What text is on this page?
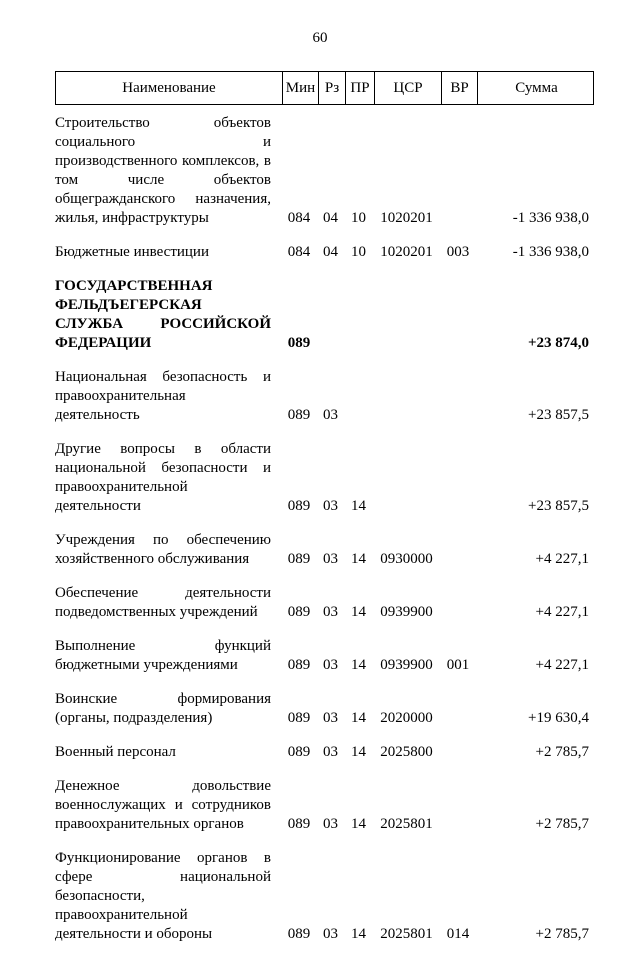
60
Наименование	Мин Рз ПР	ЦСР	ВР	Сумма
Строительство объектов социального и производственного комплексов, в том числе объектов общегражданского назначения, жилья, инфраструктуры	084 04 10 1020201	-1 336 938,0
Бюджетные инвестиции	084 04 10 1020201 003	-1 336 938,0
ГОСУДАРСТВЕННАЯ ФЕЛЬДЪЕГЕРСКАЯ СЛУЖБА РОССИЙСКОЙ ФЕДЕРАЦИИ	089	+23 874,0
Национальная безопасность и правоохранительная деятельность	089 03	+23 857,5
Другие вопросы в области национальной безопасности и правоохранительной деятельности	089 03 14	+23 857,5
Учреждения по обеспечению хозяйственного обслуживания	089 03 14 0930000	+4 227,1
Обеспечение деятельности подведомственных учреждений	089 03 14 0939900	+4 227,1
Выполнение функций бюджетными учреждениями	089 03 14 0939900 001	+4 227,1
Воинские формирования (органы, подразделения)	089 03 14 2020000	+19 630,4
Военный персонал	089 03 14 2025800	+2 785,7
Денежное довольствие военнослужащих и сотрудников правоохранительных органов	089 03 14 2025801	+2 785,7
Функционирование органов в сфере национальной безопасности, правоохранительной деятельности и обороны	089 03 14 2025801 014	+2 785,7
